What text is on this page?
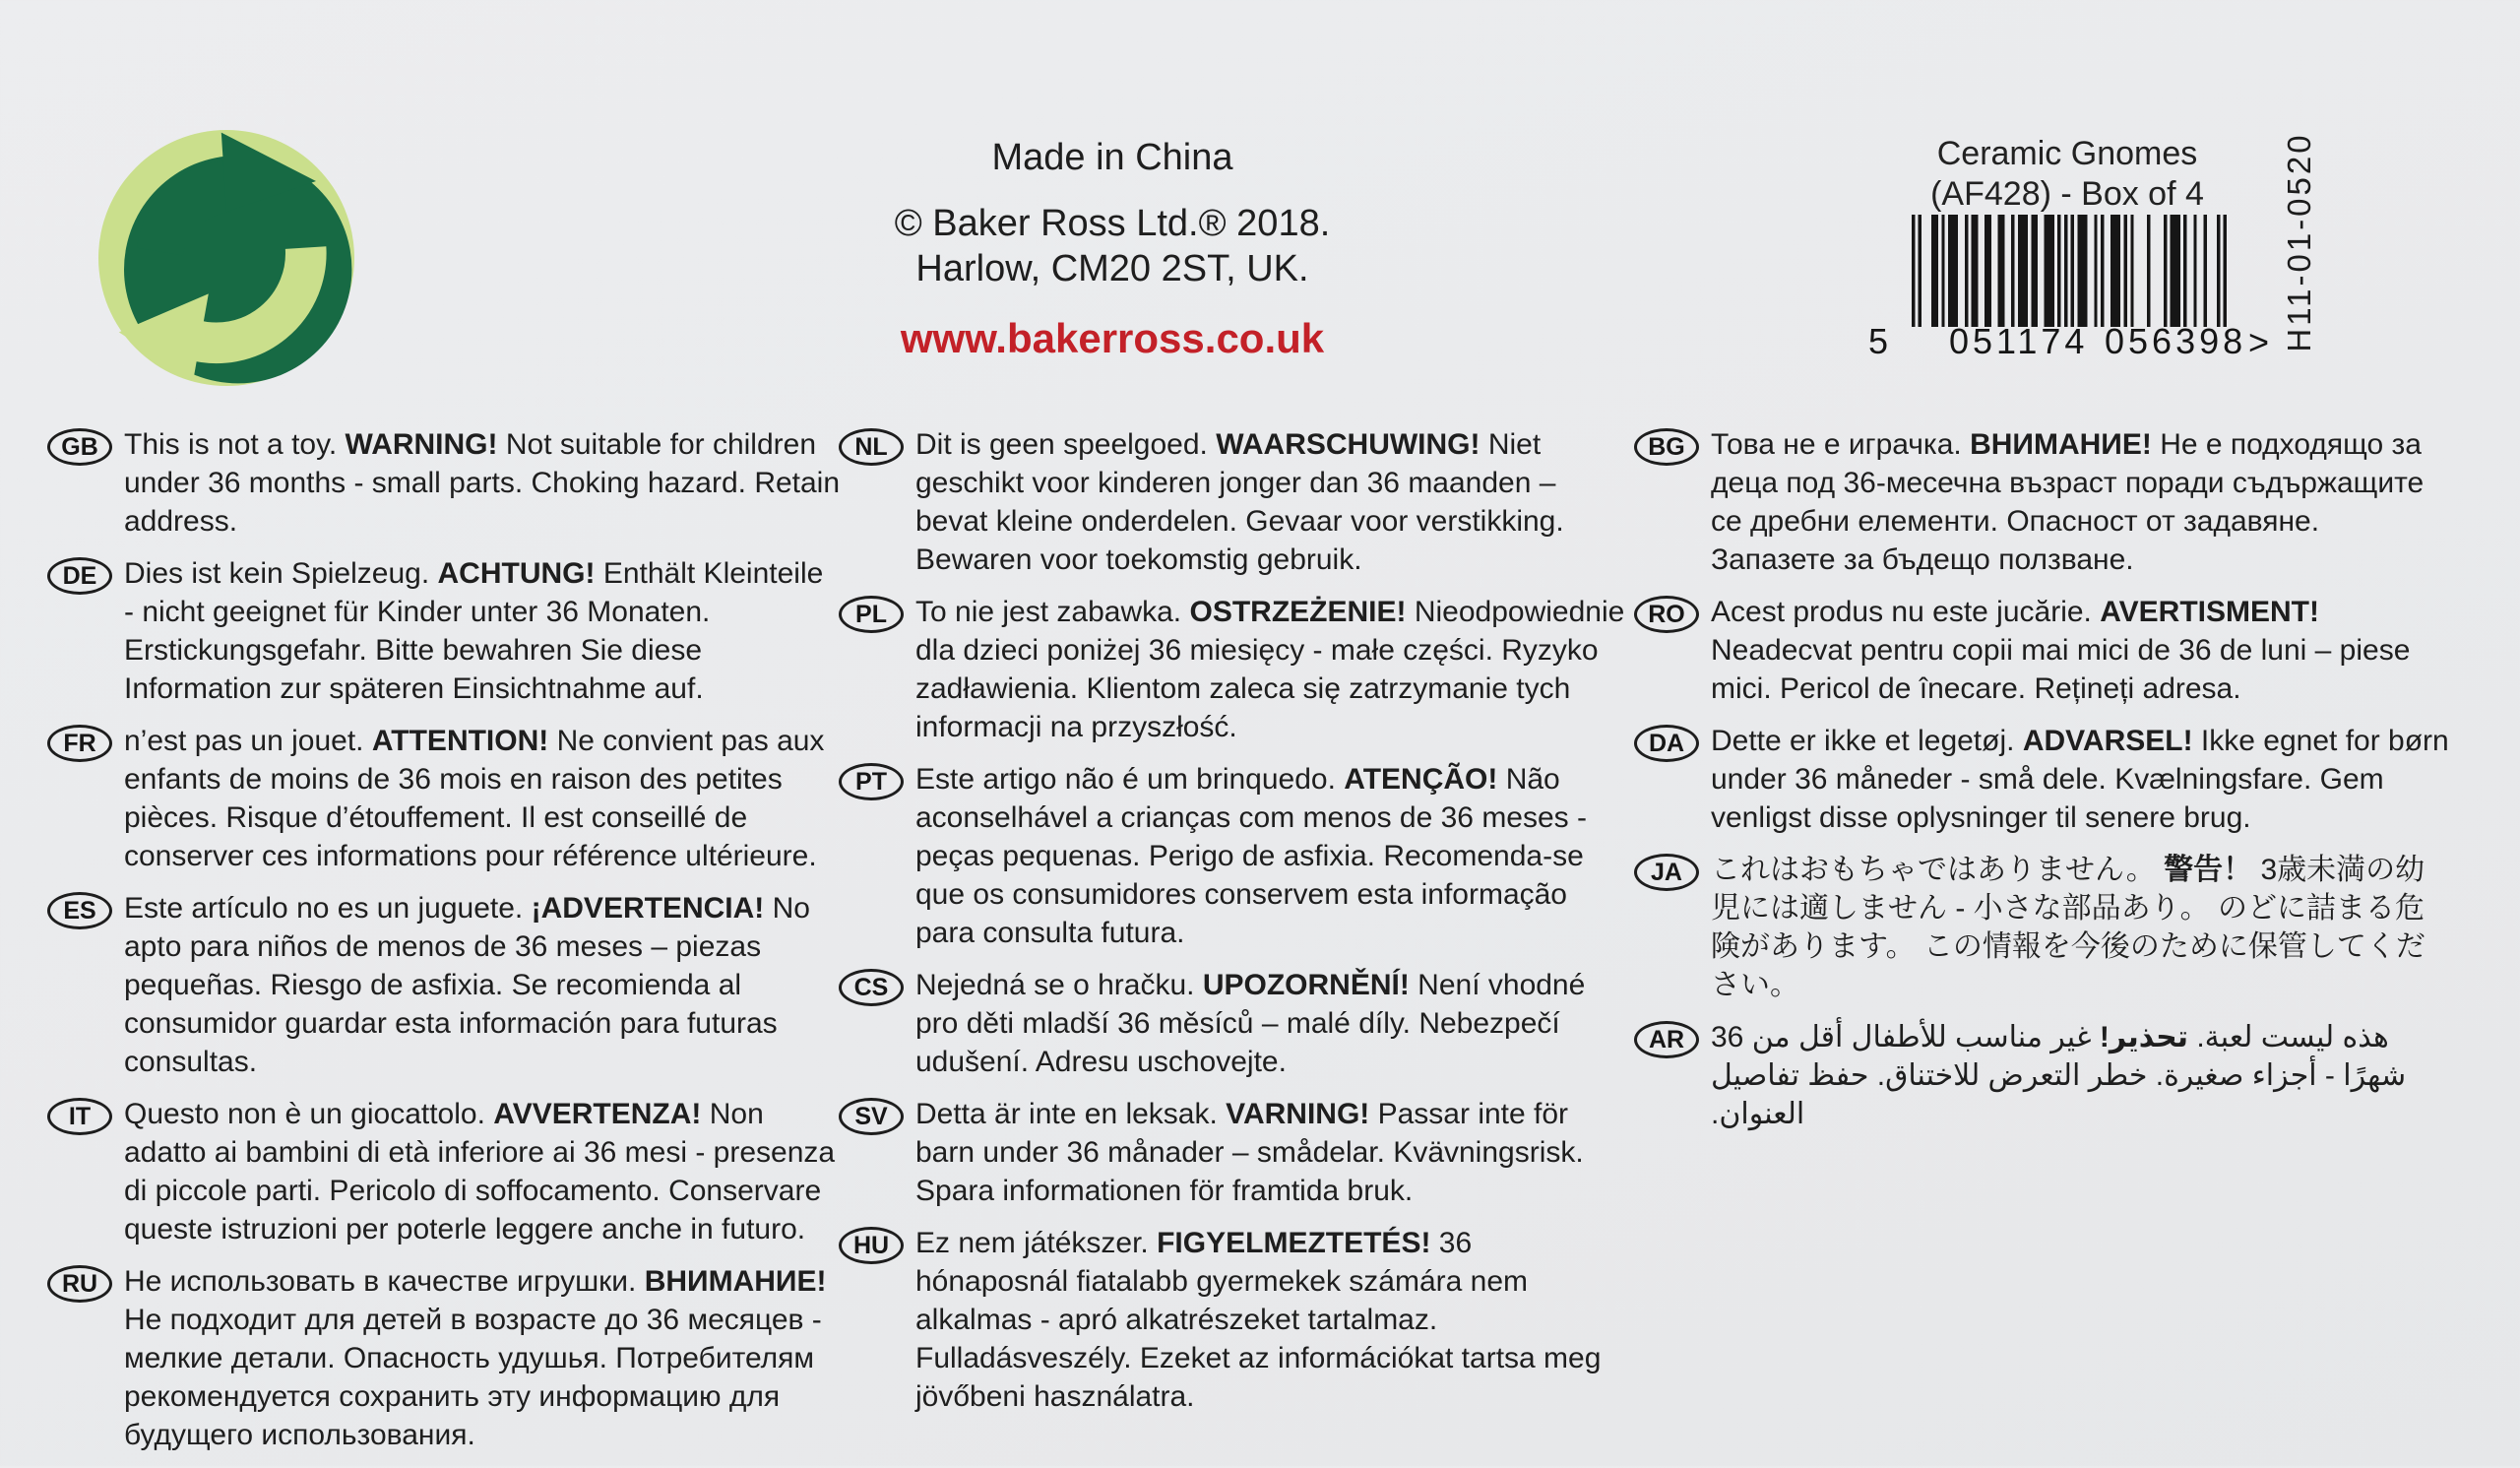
Made in China
© Baker Ross Ltd.® 2018.
Harlow, CM20 2ST, UK.
www.bakerross.co.uk
Ceramic Gnomes
(AF428) - Box of 4
5 051174 056398 > H11-01-0520
GB This is not a toy. WARNING! Not suitable for children under 36 months - small parts. Choking hazard. Retain address.

DE Dies ist kein Spielzeug. ACHTUNG! Enthält Kleinteile - nicht geeignet für Kinder unter 36 Monaten. Erstickungsgefahr. Bitte bewahren Sie diese Information zur späteren Einsichtnahme auf.

FR n’est pas un jouet. ATTENTION! Ne convient pas aux enfants de moins de 36 mois en raison des petites pièces. Risque d’étouffement. Il est conseillé de conserver ces informations pour référence ultérieure.

ES Este artículo no es un juguete. ¡ADVERTENCIA! No apto para niños de menos de 36 meses – piezas pequeñas. Riesgo de asfixia. Se recomienda al consumidor guardar esta información para futuras consultas.

IT	Questo non è un giocattolo. AVVERTENZA! Non adatto ai bambini di età inferiore ai 36 mesi - presenza di piccole parti. Pericolo di soffocamento. Conservare queste istruzioni per poterle leggere anche in futuro.

RU Не использовать в качестве игрушки. ВНИМАНИЕ! Не подходит для детей в возрасте до 36 месяцев - мелкие детали. Опасность удушья. Потребителям рекомендуется сохранить эту информацию для будущего использования.

NL Dit is geen speelgoed. WAARSCHUWING! Niet geschikt voor kinderen jonger dan 36 maanden – bevat kleine onderdelen. Gevaar voor verstikking. Bewaren voor toekomstig gebruik.

PL To nie jest zabawka. OSTRZEŻENIE! Nieodpowiednie dla dzieci poniżej 36 miesięcy - małe części. Ryzyko zadławienia. Klientom zaleca się zatrzymanie tych informacji na przyszłość.

PT Este artigo não é um brinquedo. ATENÇÃO! Não aconselhável a crianças com menos de 36 meses - peças pequenas. Perigo de asfixia. Recomenda-se que os consumidores conservem esta informação para consulta futura.

CS Nejedná se o hračku. UPOZORNĚNÍ! Není vhodné pro děti mladší 36 měsíců – malé díly. Nebezpečí udušení. Adresu uschovejte.

SV Detta är inte en leksak. VARNING! Passar inte för barn under 36 månader – smådelar. Kvävningsrisk. Spara informationen för framtida bruk.

HU Ez nem játékszer. FIGYELMEZTETÉS! 36 hónaposnál fiatalabb gyermekek számára nem alkalmas - apró alkatrészeket tartalmaz. Fulladásveszély. Ezeket az információkat tartsa meg jövőbeni használatra.

BG Това не е играчка. ВНИМАНИЕ! Не е подходящо за деца под 36-месечна възраст поради съдържащите се дребни елементи. Опасност от задавяне. Запазете за бъдещо ползване.

RO Acest produs nu este jucărie. AVERTISMENT! Neadecvat pentru copii mai mici de 36 de luni – piese mici. Pericol de înecare. Rețineți adresa.

DA Dette er ikke et legetøj. ADVARSEL! Ikke egnet for børn under 36 måneder - små dele. Kvælningsfare. Gem venligst disse oplysninger til senere brug.

JA これはおもちゃではありません。 警告！ 3歳未満の幼児には適しません - 小さな部品あり。 のどに詰まる危険があります。 この情報を今後のために保管してください。

AR	هذه ليست لعبة. تحذير! غير مناسب للأطفال أقل من 36 شهرًا - أجزاء صغيرة. خطر التعرض للاختناق. حفظ تفاصيل العنوان.
